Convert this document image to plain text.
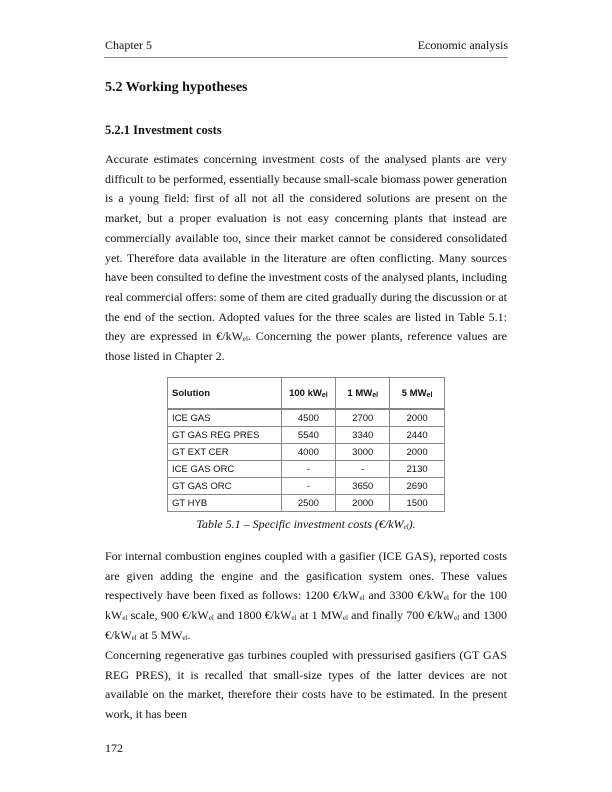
Chapter 5	Economic analysis
5.2 Working hypotheses
5.2.1 Investment costs
Accurate estimates concerning investment costs of the analysed plants are very difficult to be performed, essentially because small-scale biomass power generation is a young field: first of all not all the considered solutions are present on the market, but a proper evaluation is not easy concerning plants that instead are commercially available too, since their market cannot be considered consolidated yet. Therefore data available in the literature are often conflicting. Many sources have been consulted to define the investment costs of the analysed plants, including real commercial offers: some of them are cited gradually during the discussion or at the end of the section. Adopted values for the three scales are listed in Table 5.1: they are expressed in $€/kW_{el}$. Concerning the power plants, reference values are those listed in Chapter 2.
Solution	100 $kW_{el}$	1 $MW_{el}$	5 $MW_{el}$
ICE GAS	4500	2700	2000
GT GAS REG PRES	5540	3340	2440
GT EXT CER	4000	3000	2000
ICE GAS ORC	-	-	2130
GT GAS ORC	-	3650	2690
GT HYB	2500	2000	1500
Table 5.1 – Specific investment costs $(€/kW_{el})$.
For internal combustion engines coupled with a gasifier (ICE GAS), reported costs are given adding the engine and the gasification system ones. These values respectively have been fixed as follows: 1200 $€/kW_{el}$ and 3300 $€/kW_{el}$ for the 100 $kW_{el}$ scale, 900 $€/kW_{el}$ and 1800 $€/kW_{el}$ at 1 $MW_{el}$ and finally 700 $€/kW_{el}$ and 1300 $€/kW_{el}$ at 5 $MW_{el}$.
Concerning regenerative gas turbines coupled with pressurised gasifiers (GT GAS REG PRES), it is recalled that small-size types of the latter devices are not available on the market, therefore their costs have to be estimated. In the present work, it has been
172
